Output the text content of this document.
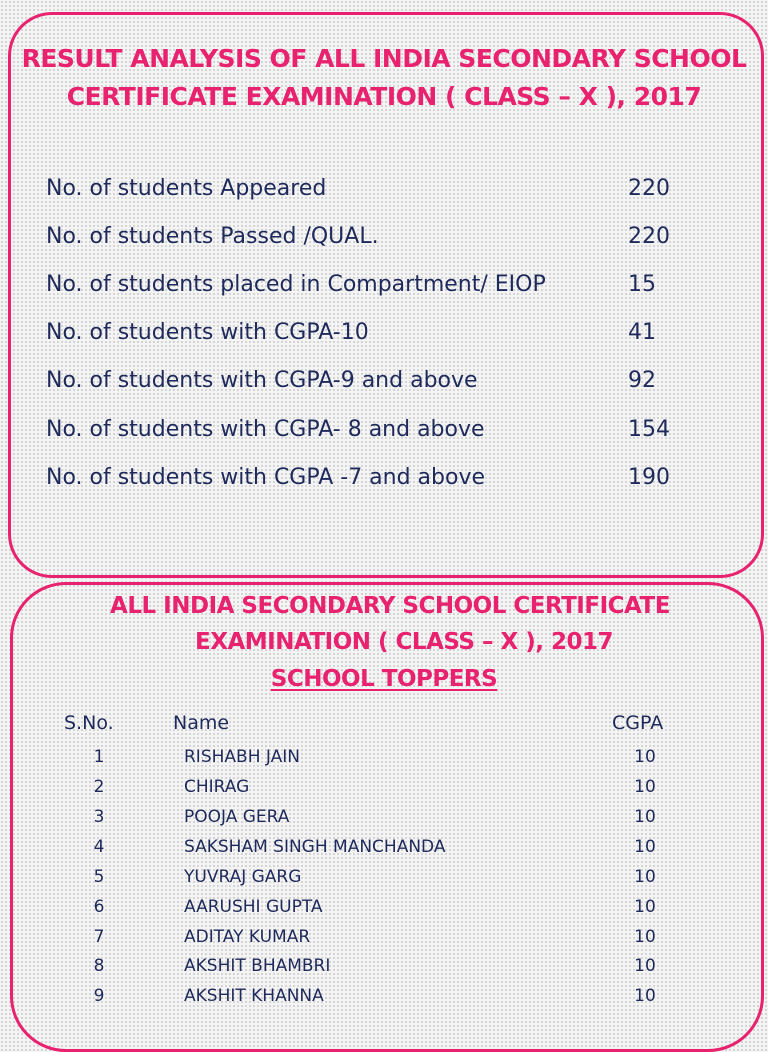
RESULT ANALYSIS OF ALL INDIA SECONDARY SCHOOL
CERTIFICATE EXAMINATION ( CLASS – X ), 2017
No. of students Appeared	220
No. of students Passed /QUAL.	220
No. of students placed in Compartment/ EIOP	15
No. of students with CGPA-10	41
No. of students with CGPA-9 and above	92
No. of students with CGPA- 8 and above	154
No. of students with CGPA -7 and above	190
ALL INDIA SECONDARY SCHOOL CERTIFICATE
EXAMINATION ( CLASS – X ), 2017
SCHOOL TOPPERS
S.No.	Name	CGPA
1	RISHABH JAIN	10
2	CHIRAG	10
3	POOJA GERA	10
4	SAKSHAM SINGH MANCHANDA	10
5	YUVRAJ GARG	10
6	AARUSHI GUPTA	10
7	ADITAY KUMAR	10
8	AKSHIT BHAMBRI	10
9	AKSHIT KHANNA	10
